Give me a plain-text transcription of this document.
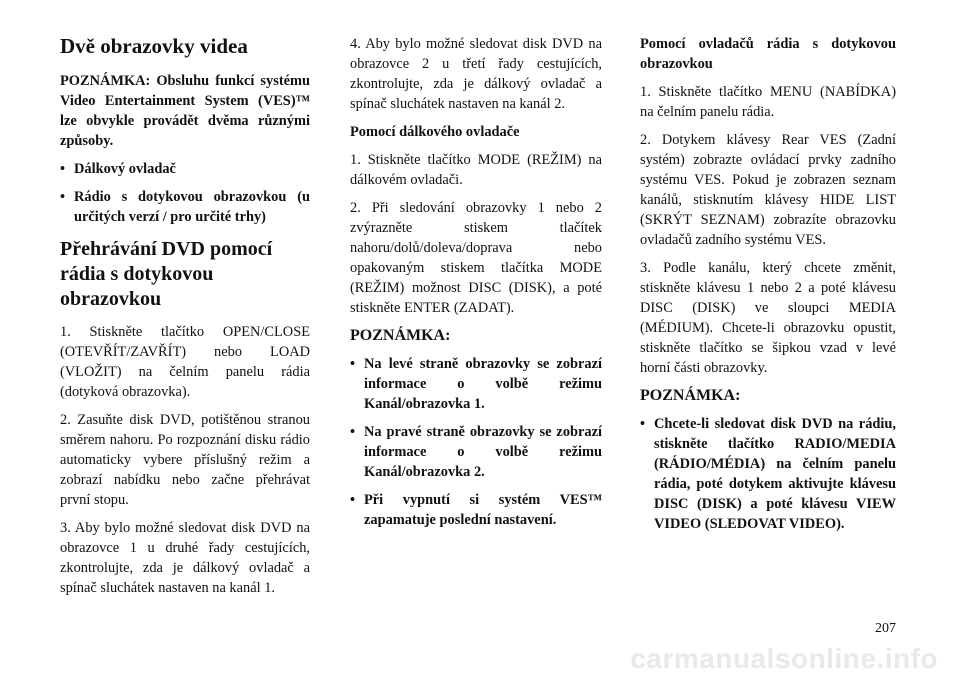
Dvě obrazovky videa

POZNÁMKA: Obsluhu funkcí systému Video Entertainment System (VES)™ lze obvykle provádět dvěma různými způsoby.

• Dálkový ovladač
• Rádio s dotykovou obrazovkou (u určitých verzí / pro určité trhy)
Přehrávání DVD pomocí rádia s dotykovou obrazovkou

1. Stiskněte tlačítko OPEN/CLOSE (OTEVŘÍT/ZAVŘÍT) nebo LOAD (VLOŽIT) na čelním panelu rádia (dotyková obrazovka).

2. Zasuňte disk DVD, potištěnou stranou směrem nahoru. Po rozpoznání disku rádio automaticky vybere příslušný režim a zobrazí nabídku nebo začne přehrávat první stopu.

3. Aby bylo možné sledovat disk DVD na obrazovce 1 u druhé řady cestujících, zkontrolujte, zda je dálkový ovladač a spínač sluchátek nastaven na kanál 1.

4. Aby bylo možné sledovat disk DVD na obrazovce 2 u třetí řady cestujících, zkontrolujte, zda je dálkový ovladač a spínač sluchátek nastaven na kanál 2.

Pomocí dálkového ovladače

1. Stiskněte tlačítko MODE (REŽIM) na dálkovém ovladači.

2. Při sledování obrazovky 1 nebo 2 zvýrazněte stiskem tlačítek nahoru/dolů/doleva/doprava nebo opakovaným stiskem tlačítka MODE (REŽIM) možnost DISC (DISK), a poté stiskněte ENTER (ZADAT).

POZNÁMKA:

• Na levé straně obrazovky se zobrazí informace o volbě režimu Kanál/obrazovka 1.
• Na pravé straně obrazovky se zobrazí informace o volbě režimu Kanál/obrazovka 2.
• Při vypnutí si systém VES™ zapamatuje poslední nastavení.

Pomocí ovladačů rádia s dotykovou obrazovkou

1. Stiskněte tlačítko MENU (NABÍDKA) na čelním panelu rádia.

2. Dotykem klávesy Rear VES (Zadní systém) zobrazte ovládací prvky zadního systému VES. Pokud je zobrazen seznam kanálů, stisknutím klávesy HIDE LIST (SKRÝT SEZNAM) zobrazíte obrazovku ovladačů zadního systému VES.

3. Podle kanálu, který chcete změnit, stiskněte klávesu 1 nebo 2 a poté klávesu DISC (DISK) ve sloupci MEDIA (MÉDIUM). Chcete-li obrazovku opustit, stiskněte tlačítko se šipkou vzad v levé horní části obrazovky.

POZNÁMKA:

• Chcete-li sledovat disk DVD na rádiu, stiskněte tlačítko RADIO/MEDIA (RÁDIO/MÉDIA) na čelním panelu rádia, poté dotykem aktivujte klávesu DISC (DISK) a poté klávesu VIEW VIDEO (SLEDOVAT VIDEO).
207
carmanualsonline.info
